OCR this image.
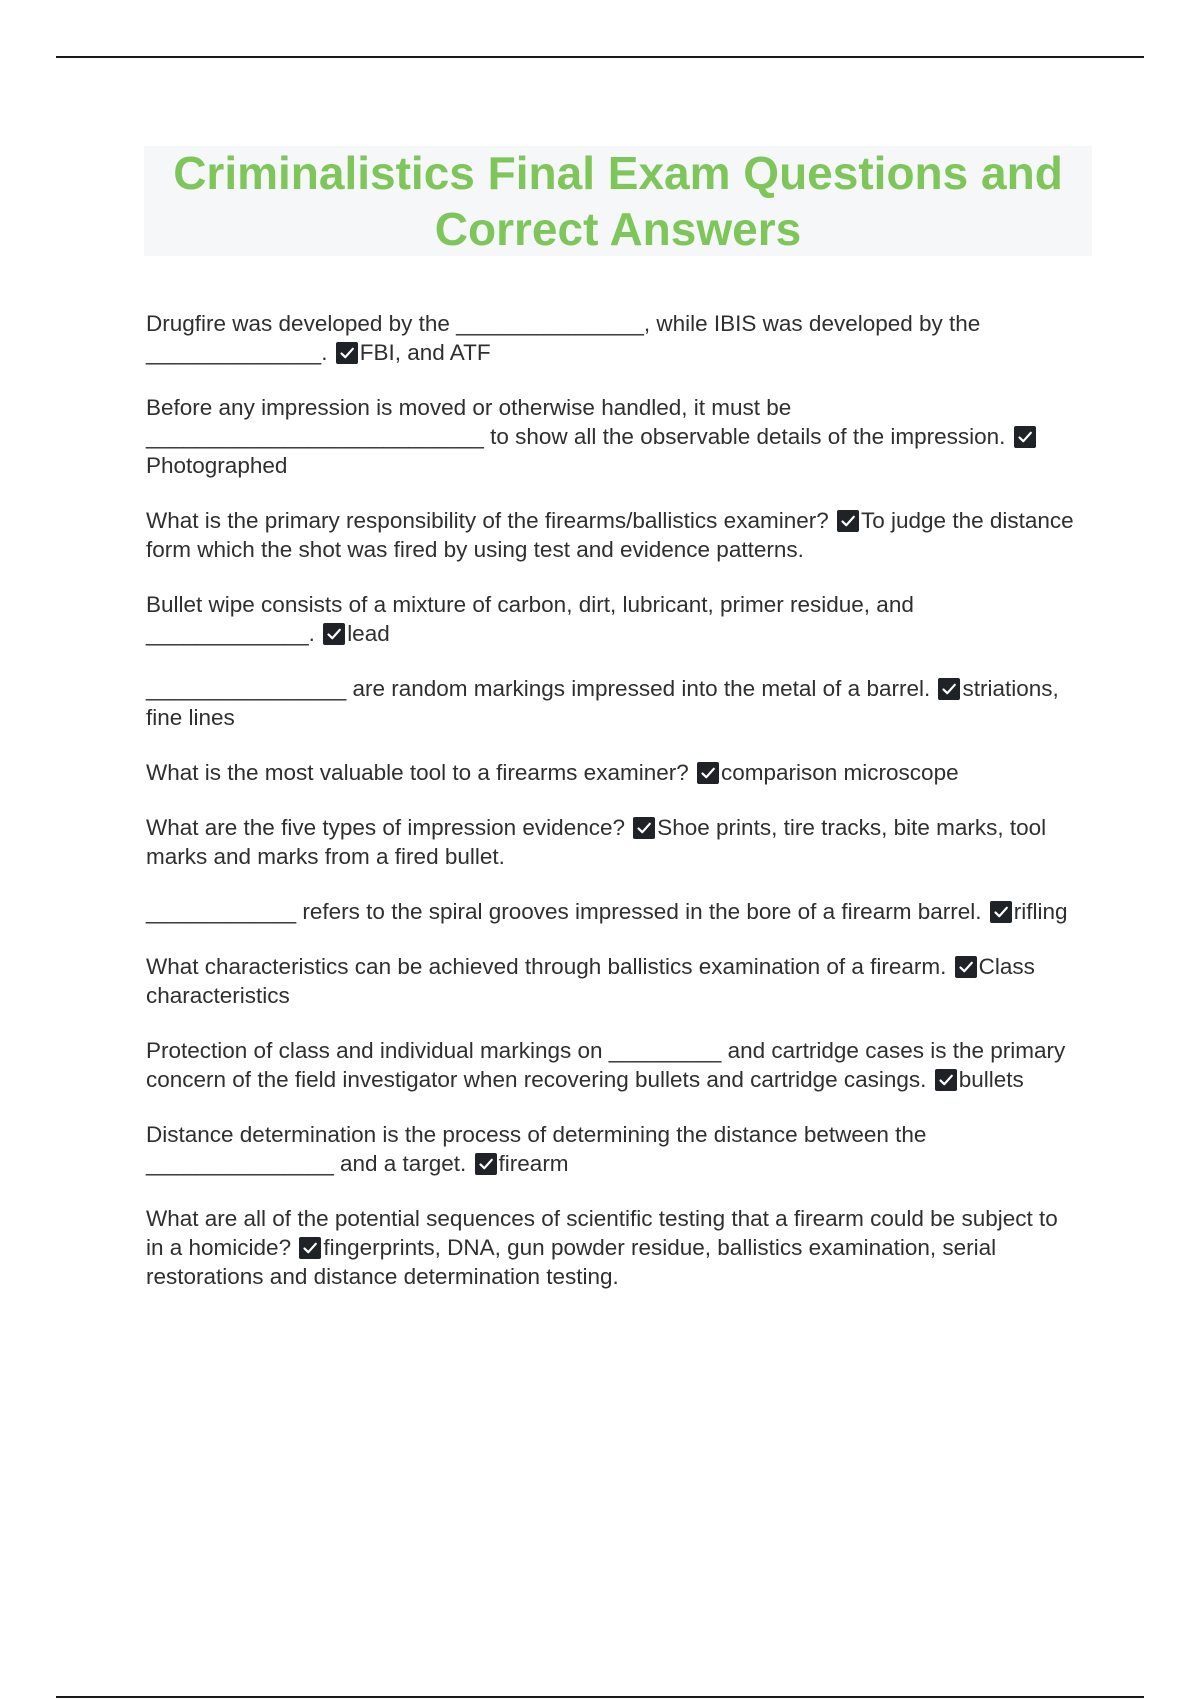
Criminalistics Final Exam Questions and
Correct Answers

Drugfire was developed by the _______________, while IBIS was developed by the ______________.
FBI, and ATF

Before any impression is moved or otherwise handled, it must be ___________________________ to show all the observable details of the impression.
Photographed

What is the primary responsibility of the firearms/ballistics examiner?
To judge the distance form which the shot was fired by using test and evidence patterns.

Bullet wipe consists of a mixture of carbon, dirt, lubricant, primer residue, and _____________.
lead

________________ are random markings impressed into the metal of a barrel.
striations, fine lines

What is the most valuable tool to a firearms examiner?
comparison microscope

What are the five types of impression evidence?
Shoe prints, tire tracks, bite marks, tool marks and marks from a fired bullet.

____________ refers to the spiral grooves impressed in the bore of a firearm barrel.
rifling

What characteristics can be achieved through ballistics examination of a firearm.
Class characteristics

Protection of class and individual markings on _________ and cartridge cases is the primary concern of the field investigator when recovering bullets and cartridge casings.
bullets

Distance determination is the process of determining the distance between the _______________ and a target.
firearm

What are all of the potential sequences of scientific testing that a firearm could be subject to in a homicide?
fingerprints, DNA, gun powder residue, ballistics examination, serial restorations and distance determination testing.
